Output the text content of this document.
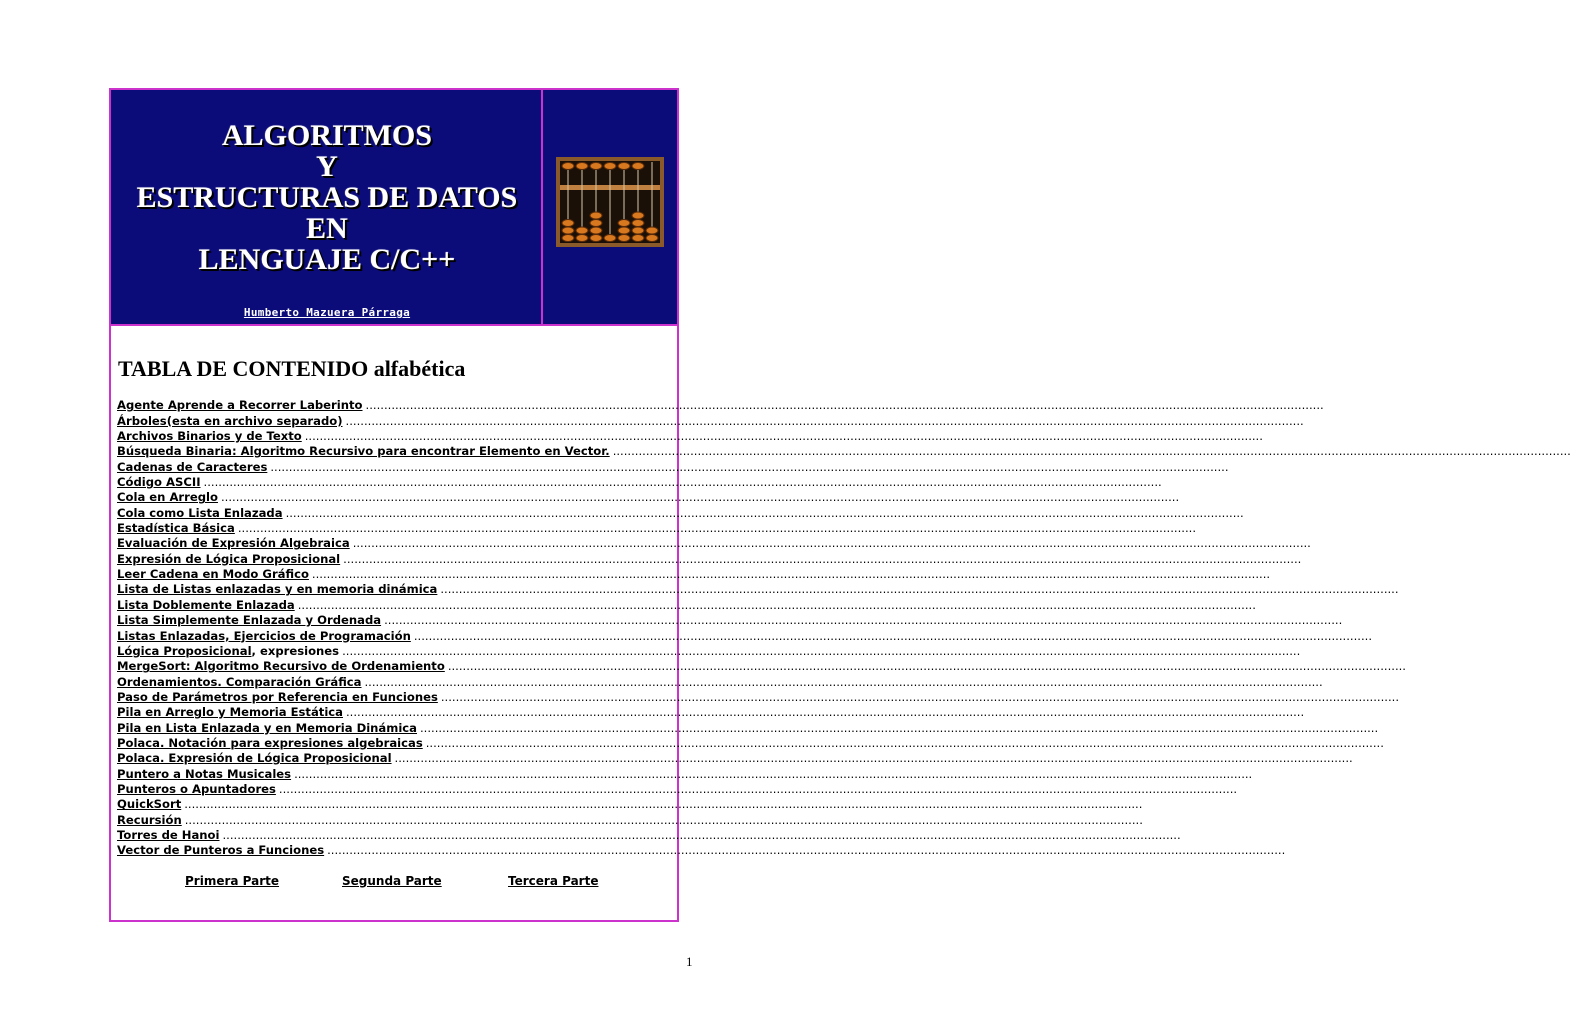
ALGORITMOS
Y
ESTRUCTURAS DE DATOS
EN
LENGUAJE C/C++
Humberto Mazuera Párraga
TABLA DE CONTENIDO alfabética
Agente Aprende a Recorrer Laberinto ....................................................................................................................................................................................................................................................................
Árboles(esta en archivo separado) ....................................................................................................................................................................................................................................................................
Archivos Binarios y de Texto ....................................................................................................................................................................................................................................................................
Búsqueda Binaria: Algoritmo Recursivo para encontrar Elemento en Vector. ....................................................................................................................................................................................................................................................................
Cadenas de Caracteres ....................................................................................................................................................................................................................................................................
Código ASCII ....................................................................................................................................................................................................................................................................
Cola en Arreglo ....................................................................................................................................................................................................................................................................
Cola como Lista Enlazada ....................................................................................................................................................................................................................................................................
Estadística Básica ....................................................................................................................................................................................................................................................................
Evaluación de Expresión Algebraica ....................................................................................................................................................................................................................................................................
Expresión de Lógica Proposicional ....................................................................................................................................................................................................................................................................
Leer Cadena en Modo Gráfico ....................................................................................................................................................................................................................................................................
Lista de Listas enlazadas y en memoria dinámica ....................................................................................................................................................................................................................................................................
Lista Doblemente Enlazada ....................................................................................................................................................................................................................................................................
Lista Simplemente Enlazada y Ordenada ....................................................................................................................................................................................................................................................................
Listas Enlazadas, Ejercicios de Programación ....................................................................................................................................................................................................................................................................
Lógica Proposicional , expresiones ....................................................................................................................................................................................................................................................................
MergeSort: Algoritmo Recursivo de Ordenamiento ....................................................................................................................................................................................................................................................................
Ordenamientos. Comparación Gráfica ....................................................................................................................................................................................................................................................................
Paso de Parámetros por Referencia en Funciones ....................................................................................................................................................................................................................................................................
Pila en Arreglo y Memoria Estática ....................................................................................................................................................................................................................................................................
Pila en Lista Enlazada y en Memoria Dinámica ....................................................................................................................................................................................................................................................................
Polaca. Notación para expresiones algebraicas ....................................................................................................................................................................................................................................................................
Polaca. Expresión de Lógica Proposicional ....................................................................................................................................................................................................................................................................
Puntero a Notas Musicales ....................................................................................................................................................................................................................................................................
Punteros o Apuntadores ....................................................................................................................................................................................................................................................................
QuickSort ....................................................................................................................................................................................................................................................................
Recursión ....................................................................................................................................................................................................................................................................
Torres de Hanoi ....................................................................................................................................................................................................................................................................
Vector de Punteros a Funciones ....................................................................................................................................................................................................................................................................
Primera Parte	Segunda Parte	Tercera Parte
1
